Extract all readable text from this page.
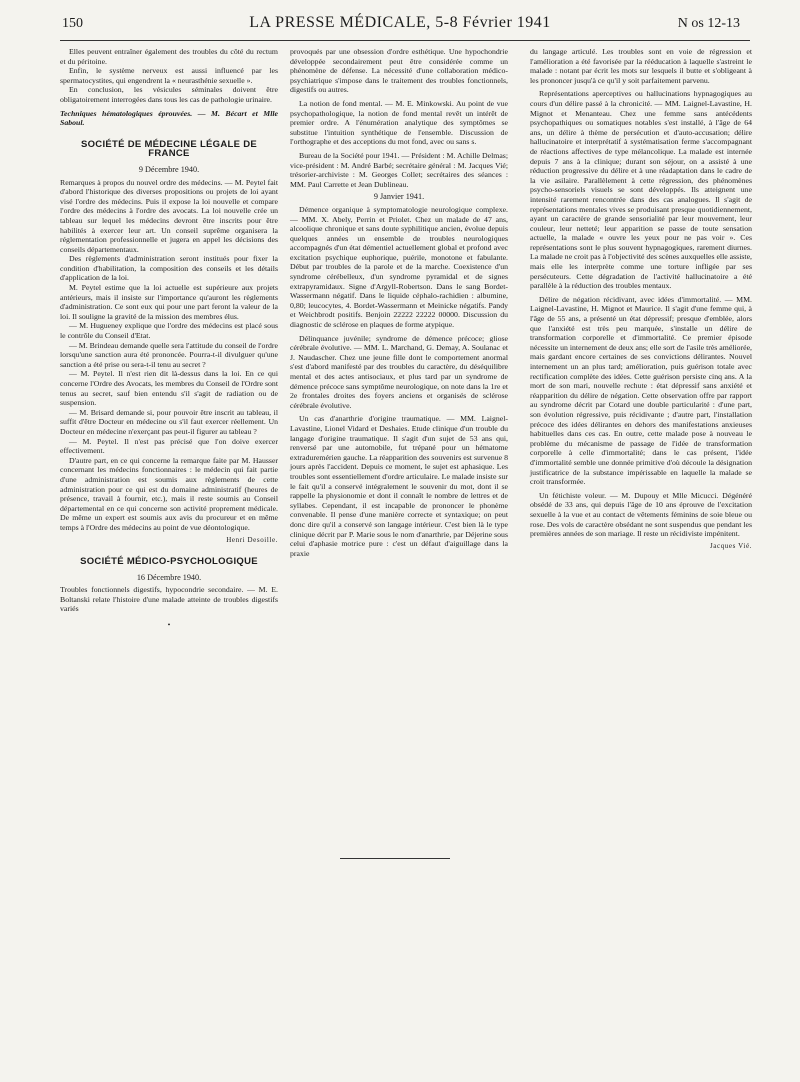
150	LA PRESSE MÉDICALE, 5-8 Février 1941	N os 12-13

Elles peuvent entraîner également des troubles du côté du rectum et du péritoine.

Enfin, le système nerveux est aussi influencé par les spermatocystites, qui engendrent la « neurasthénie sexuelle ».

En conclusion, les vésicules séminales doivent être obligatoirement interrogées dans tous les cas de pathologie urinaire.

Techniques hématologiques éprouvées. — M. Bécart et Mlle Saboul.

SOCIÉTÉ DE MÉDECINE LÉGALE DE FRANCE
9 Décembre 1940.

Remarques à propos du nouvel ordre des médecins. — M. Peytel fait d'abord l'historique des diverses propositions ou projets de loi ayant visé l'ordre des médecins. Puis il expose la loi nouvelle et compare l'ordre des médecins à l'ordre des avocats. La loi nouvelle crée un tableau sur lequel les médecins devront être inscrits pour être habilités à exercer leur art. Un conseil suprême organisera la réglementation professionnelle et jugera en appel les décisions des conseils départementaux.

Des règlements d'administration seront institués pour fixer la condition d'habilitation, la composition des conseils et les détails d'application de la loi.

M. Peytel estime que la loi actuelle est supérieure aux projets antérieurs, mais il insiste sur l'importance qu'auront les règlements d'administration. Ce sont eux qui pour une part feront la valeur de la loi. Il souligne la gravité de la mission des membres élus.

— M. Hugueney explique que l'ordre des médecins est placé sous le contrôle du Conseil d'Etat.

— M. Brindeau demande quelle sera l'attitude du conseil de l'ordre lorsqu'une sanction aura été prononcée. Pourra-t-il divulguer qu'une sanction a été prise ou sera-t-il tenu au secret ?

— M. Peytel. Il n'est rien dit là-dessus dans la loi. En ce qui concerne l'Ordre des Avocats, les membres du Conseil de l'Ordre sont tenus au secret, sauf bien entendu s'il s'agit de radiation ou de suspension.

— M. Brisard demande si, pour pouvoir être inscrit au tableau, il suffit d'être Docteur en médecine ou s'il faut exercer réellement. Un Docteur en médecine n'exerçant pas peut-il figurer au tableau ?

— M. Peytel. Il n'est pas précisé que l'on doive exercer effectivement.

D'autre part, en ce qui concerne la remarque faite par M. Hausser concernant les médecins fonctionnaires : le médecin qui fait partie d'une administration est soumis aux règlements de cette administration pour ce qui est du domaine administratif (heures de présence, travail à fournir, etc.), mais il reste soumis au Conseil départemental en ce qui concerne son activité proprement médicale. De même un expert est soumis aux avis du procureur et en même temps à l'Ordre des médecins au point de vue déontologique.

Henri Desoille.
SOCIÉTÉ MÉDICO-PSYCHOLOGIQUE
16 Décembre 1940.

Troubles fonctionnels digestifs, hypocondrie secondaire. — M. E. Boltanski relate l'histoire d'une malade atteinte de troubles digestifs variés

•

provoqués par une obsession d'ordre esthétique. Une hypochondrie développée secondairement peut être considérée comme un phénomène de défense. La nécessité d'une collaboration médico-psychiatrique s'impose dans le traitement des troubles fonctionnels, digestifs ou autres.

La notion de fond mental. — M. E. Minkowski. Au point de vue psychopathologique, la notion de fond mental revêt un intérêt de premier ordre. A l'énumération analytique des symptômes se substitue l'intuition synthétique de l'ensemble. Discussion de l'orthographe et des acceptions du mot fond, avec ou sans s.

Bureau de la Société pour 1941. — Président : M. Achille Delmas; vice-président : M. André Barbé; secrétaire général : M. Jacques Vié; trésorier-archiviste : M. Georges Collet; secrétaires des séances : MM. Paul Carrette et Jean Dublineau.

9 Janvier 1941.

Démence organique à symptomatologie neurologique complexe. — MM. X. Abely, Perrin et Priolet. Chez un malade de 47 ans, alcoolique chronique et sans doute syphilitique ancien, évolue depuis quelques années un ensemble de troubles neurologiques accompagnés d'un état démentiel actuellement global et profond avec excitation psychique euphorique, puérile, monotone et fabulante. Début par troubles de la parole et de la marche. Coexistence d'un syndrome cérébelleux, d'un syndrome pyramidal et de signes extrapyramidaux. Signe d'Argyll-Robertson. Dans le sang Bordet-Wassermann négatif. Dans le liquide céphalo-rachidien : albumine, 0,80; leucocytes, 4. Bordet-Wassermann et Meinicke négatifs. Pandy et Weichbrodt positifs. Benjoin 22222 22222 00000. Discussion du diagnostic de sclérose en plaques de forme atypique.

Délinquance juvénile; syndrome de démence précoce; gliose cérébrale évolutive. — MM. L. Marchand, G. Demay, A. Soulanac et J. Naudascher. Chez une jeune fille dont le comportement anormal s'est d'abord manifesté par des troubles du caractère, du déséquilibre mental et des actes antisociaux, et plus tard par un syndrome de démence précoce sans symptôme neurologique, on note dans la 1re et 2e frontales droites des foyers anciens et organisés de sclérose cérébrale évolutive.

Un cas d'anarthrie d'origine traumatique. — MM. Laignel-Lavastine, Lionel Vidard et Deshaies. Etude clinique d'un trouble du langage d'origine traumatique. Il s'agit d'un sujet de 53 ans qui, renversé par une automobile, fut trépané pour un hématome extraduremérien gauche. La réapparition des souvenirs est survenue 8 jours après l'accident. Depuis ce moment, le sujet est aphasique. Les troubles sont essentiellement d'ordre articulaire. Le malade insiste sur le fait qu'il a conservé intégralement le souvenir du mot, dont il se rappelle la physionomie et dont il connaît le nombre de lettres et de syllabes. Cependant, il est incapable de prononcer le phonème convenable. Il pense d'une manière correcte et syntaxique; on peut donc dire qu'il a conservé son langage intérieur. C'est bien là le type clinique décrit par P. Marie sous le nom d'anarthrie, par Déjerine sous celui d'aphasie motrice pure : c'est un défaut d'aiguillage dans la praxie

du langage articulé. Les troubles sont en voie de régression et l'amélioration a été favorisée par la rééducation à laquelle s'astreint le malade : notant par écrit les mots sur lesquels il butte et s'obligeant à les prononcer jusqu'à ce qu'il y soit parfaitement parvenu.

Représentations aperceptives ou hallucinations hypnagogiques au cours d'un délire passé à la chronicité. — MM. Laignel-Lavastine, H. Mignot et Menanteau. Chez une femme sans antécédents psychopathiques ou somatiques notables s'est installé, à l'âge de 64 ans, un délire à thème de persécution et d'auto-accusation; délire hallucinatoire et interprétatif à systématisation ferme s'accompagnant de réactions affectives de type mélancolique. La malade est internée depuis 7 ans à la clinique; durant son séjour, on a assisté à une réduction progressive du délire et à une réadaptation dans le cadre de la vie asilaire. Parallèlement à cette régression, des phénomènes psycho-sensoriels visuels se sont développés. Ils atteignent une intensité rarement rencontrée dans des cas analogues. Il s'agit de représentations mentales vives se produisant presque quotidiennement, ayant un caractère de grande sensorialité par leur mouvement, leur couleur, leur netteté; leur apparition se passe de toute sensation actuelle, la malade « ouvre les yeux pour ne pas voir ». Ces représentations sont le plus souvent hypnagogiques, rarement diurnes. La malade ne croit pas à l'objectivité des scènes auxquelles elle assiste, mais elle les interprète comme une torture infligée par ses persécuteurs. Cette dégradation de l'activité hallucinatoire a été parallèle à la réduction des troubles mentaux.

Délire de négation récidivant, avec idées d'immortalité. — MM. Laignel-Lavastine, H. Mignot et Maurice. Il s'agit d'une femme qui, à l'âge de 55 ans, a présenté un état dépressif; presque d'emblée, alors que l'anxiété est très peu marquée, s'installe un délire de transformation corporelle et d'immortalité. Ce premier épisode nécessite un internement de deux ans; elle sort de l'asile très améliorée, mais gardant encore certaines de ses convictions délirantes. Nouvel internement un an plus tard; amélioration, puis guérison totale avec rectification complète des idées. Cette guérison persiste cinq ans. A la mort de son mari, nouvelle rechute : état dépressif sans anxiété et réapparition du délire de négation. Cette observation offre par rapport au syndrome décrit par Cotard une double particularité : d'une part, son évolution régressive, puis récidivante ; d'autre part, l'installation précoce des idées délirantes en dehors des manifestations anxieuses habituelles dans ces cas. En outre, cette malade pose à nouveau le problème du mécanisme de passage de l'idée de transformation corporelle à celle d'immortalité; dans le cas présent, l'idée d'immortalité semble une donnée primitive d'où découle la désignation justificatrice de la substance impérissable en laquelle la malade se croit transformée.

Un fétichiste voleur. — M. Dupouy et Mlle Micucci. Dégénéré obsédé de 33 ans, qui depuis l'âge de 10 ans éprouve de l'excitation sexuelle à la vue et au contact de vêtements féminins de soie bleue ou rose. Des vols de caractère obsédant ne sont suspendus que pendant les premières années de son mariage. Il reste un récidiviste impénitent.

Jacques Vié.
